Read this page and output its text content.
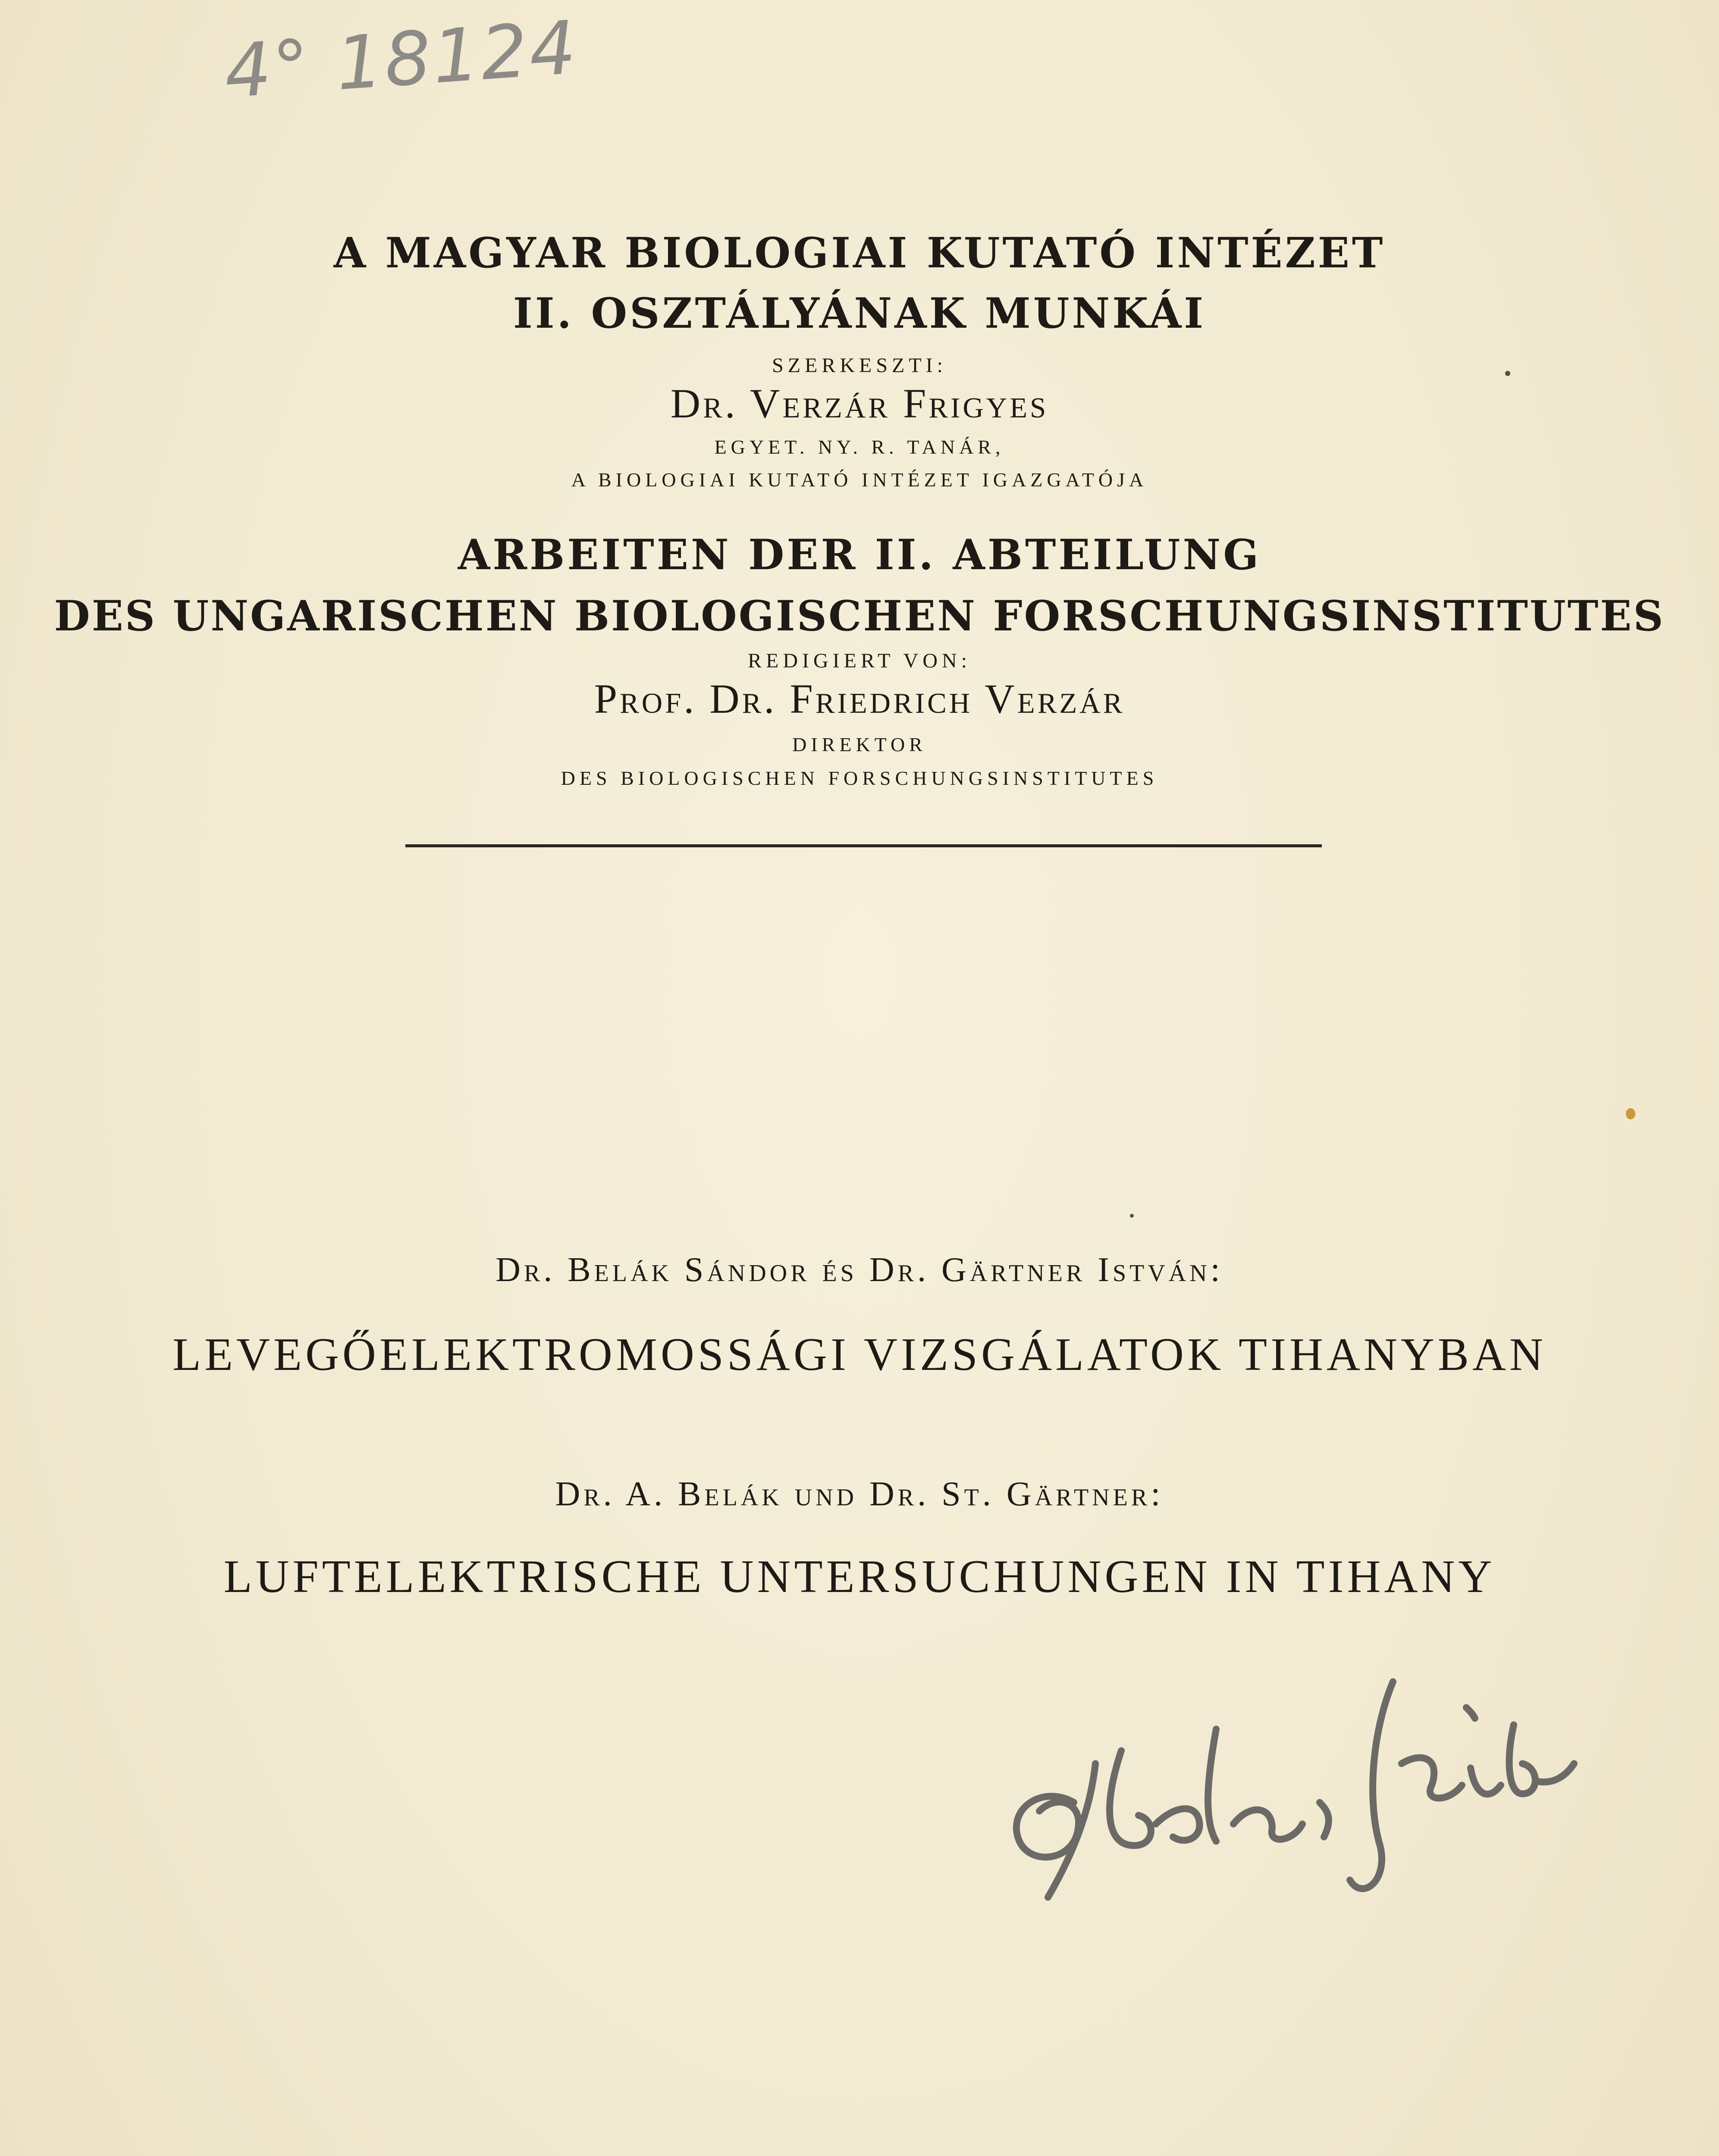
4° 18124
A MAGYAR BIOLOGIAI KUTATÓ INTÉZET
II. OSZTÁLYÁNAK MUNKÁI
SZERKESZTI:
Dr. Verzár Frigyes
EGYET. NY. R. TANÁR,
A BIOLOGIAI KUTATÓ INTÉZET IGAZGATÓJA
ARBEITEN DER II. ABTEILUNG
DES UNGARISCHEN BIOLOGISCHEN FORSCHUNGSINSTITUTES
REDIGIERT VON:
Prof. Dr. Friedrich Verzár
DIREKTOR
DES BIOLOGISCHEN FORSCHUNGSINSTITUTES
Dr. Belák Sándor és Dr. Gärtner István:
LEVEGŐELEKTROMOSSÁGI VIZSGÁLATOK TIHANYBAN
Dr. A. Belák und Dr. St. Gärtner:
LUFTELEKTRISCHE UNTERSUCHUNGEN IN TIHANY
